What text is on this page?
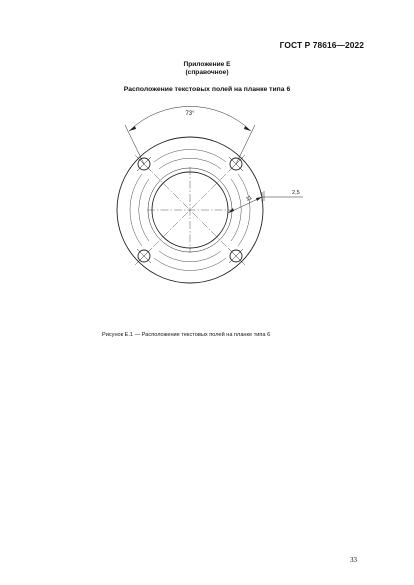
ГОСТ Р 78616—2022
Приложение Е
(справочное)
Расположение текстовых полей на планке типа 6
73°
11
2,5
Рисунок Е.1 — Расположение текстовых полей на планке типа 6
33
